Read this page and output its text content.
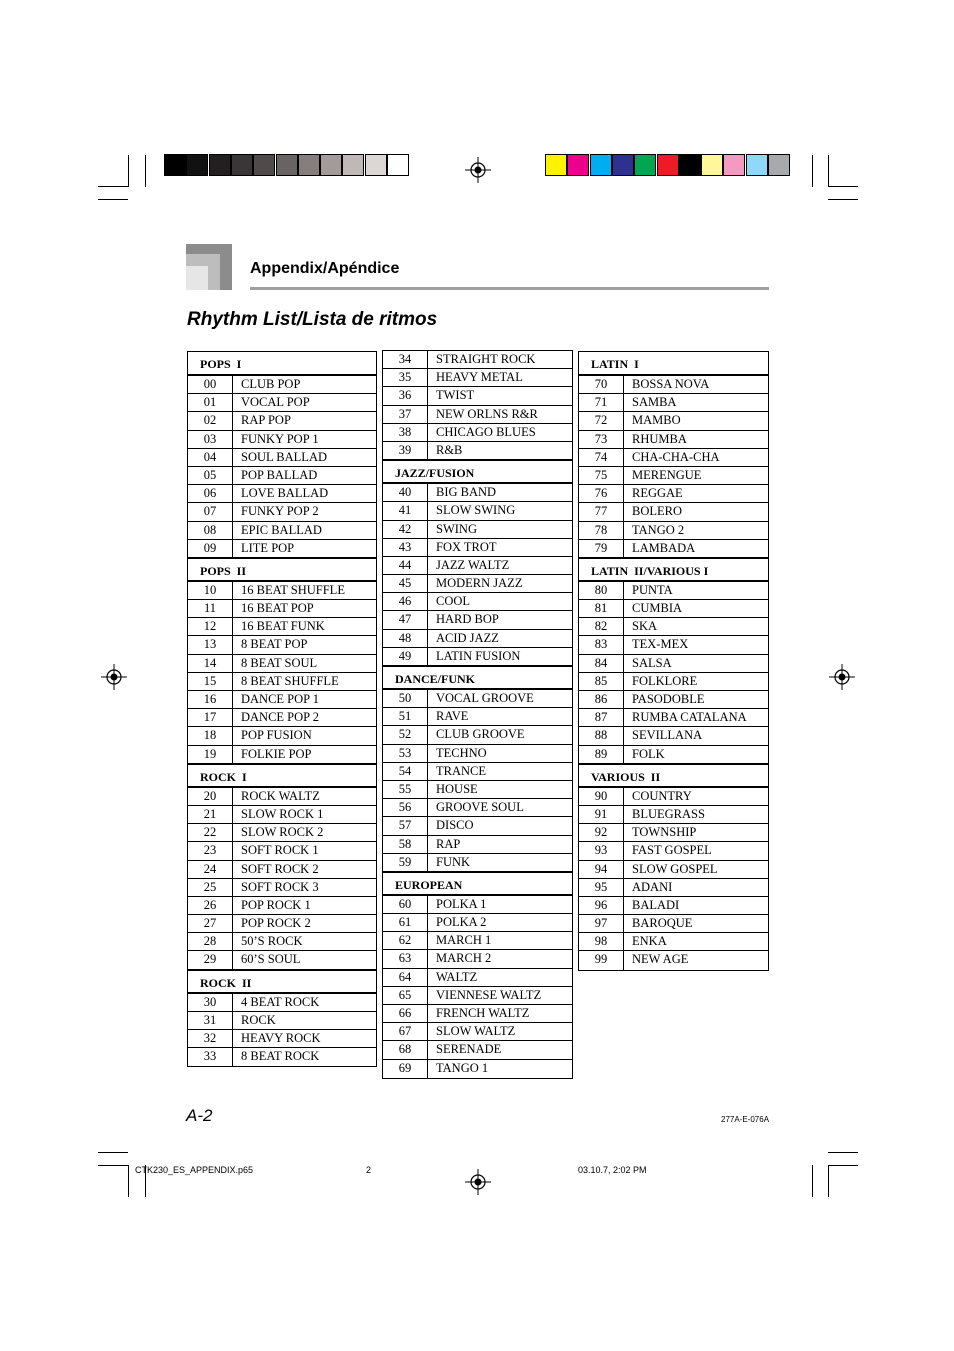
Appendix/Apéndice
Rhythm List/Lista de ritmos
POPS  I
00	CLUB POP
01	VOCAL POP
02	RAP POP
03	FUNKY POP 1
04	SOUL BALLAD
05	POP BALLAD
06	LOVE BALLAD
07	FUNKY POP 2
08	EPIC BALLAD
09	LITE POP
POPS  II
10	16 BEAT SHUFFLE
11	16 BEAT POP
12	16 BEAT FUNK
13	8 BEAT POP
14	8 BEAT SOUL
15	8 BEAT SHUFFLE
16	DANCE POP 1
17	DANCE POP 2
18	POP FUSION
19	FOLKIE POP
ROCK  I
20	ROCK WALTZ
21	SLOW ROCK 1
22	SLOW ROCK 2
23	SOFT ROCK 1
24	SOFT ROCK 2
25	SOFT ROCK 3
26	POP ROCK 1
27	POP ROCK 2
28	50’S ROCK
29	60’S SOUL
ROCK  II
30	4 BEAT ROCK
31	ROCK
32	HEAVY ROCK
33	8 BEAT ROCK
34	STRAIGHT ROCK
35	HEAVY METAL
36	TWIST
37	NEW ORLNS R&R
38	CHICAGO BLUES
39	R&B
JAZZ/FUSION
40	BIG BAND
41	SLOW SWING
42	SWING
43	FOX TROT
44	JAZZ WALTZ
45	MODERN JAZZ
46	COOL
47	HARD BOP
48	ACID JAZZ
49	LATIN FUSION
DANCE/FUNK
50	VOCAL GROOVE
51	RAVE
52	CLUB GROOVE
53	TECHNO
54	TRANCE
55	HOUSE
56	GROOVE SOUL
57	DISCO
58	RAP
59	FUNK
EUROPEAN
60	POLKA 1
61	POLKA 2
62	MARCH 1
63	MARCH 2
64	WALTZ
65	VIENNESE WALTZ
66	FRENCH WALTZ
67	SLOW WALTZ
68	SERENADE
69	TANGO 1
LATIN  I
70	BOSSA NOVA
71	SAMBA
72	MAMBO
73	RHUMBA
74	CHA-CHA-CHA
75	MERENGUE
76	REGGAE
77	BOLERO
78	TANGO 2
79	LAMBADA
LATIN  II/VARIOUS I
80	PUNTA
81	CUMBIA
82	SKA
83	TEX-MEX
84	SALSA
85	FOLKLORE
86	PASODOBLE
87	RUMBA CATALANA
88	SEVILLANA
89	FOLK
VARIOUS  II
90	COUNTRY
91	BLUEGRASS
92	TOWNSHIP
93	FAST GOSPEL
94	SLOW GOSPEL
95	ADANI
96	BALADI
97	BAROQUE
98	ENKA
99	NEW AGE
A-2	277A-E-076A
CTK230_ES_APPENDIX.p65	2	03.10.7, 2:02 PM
